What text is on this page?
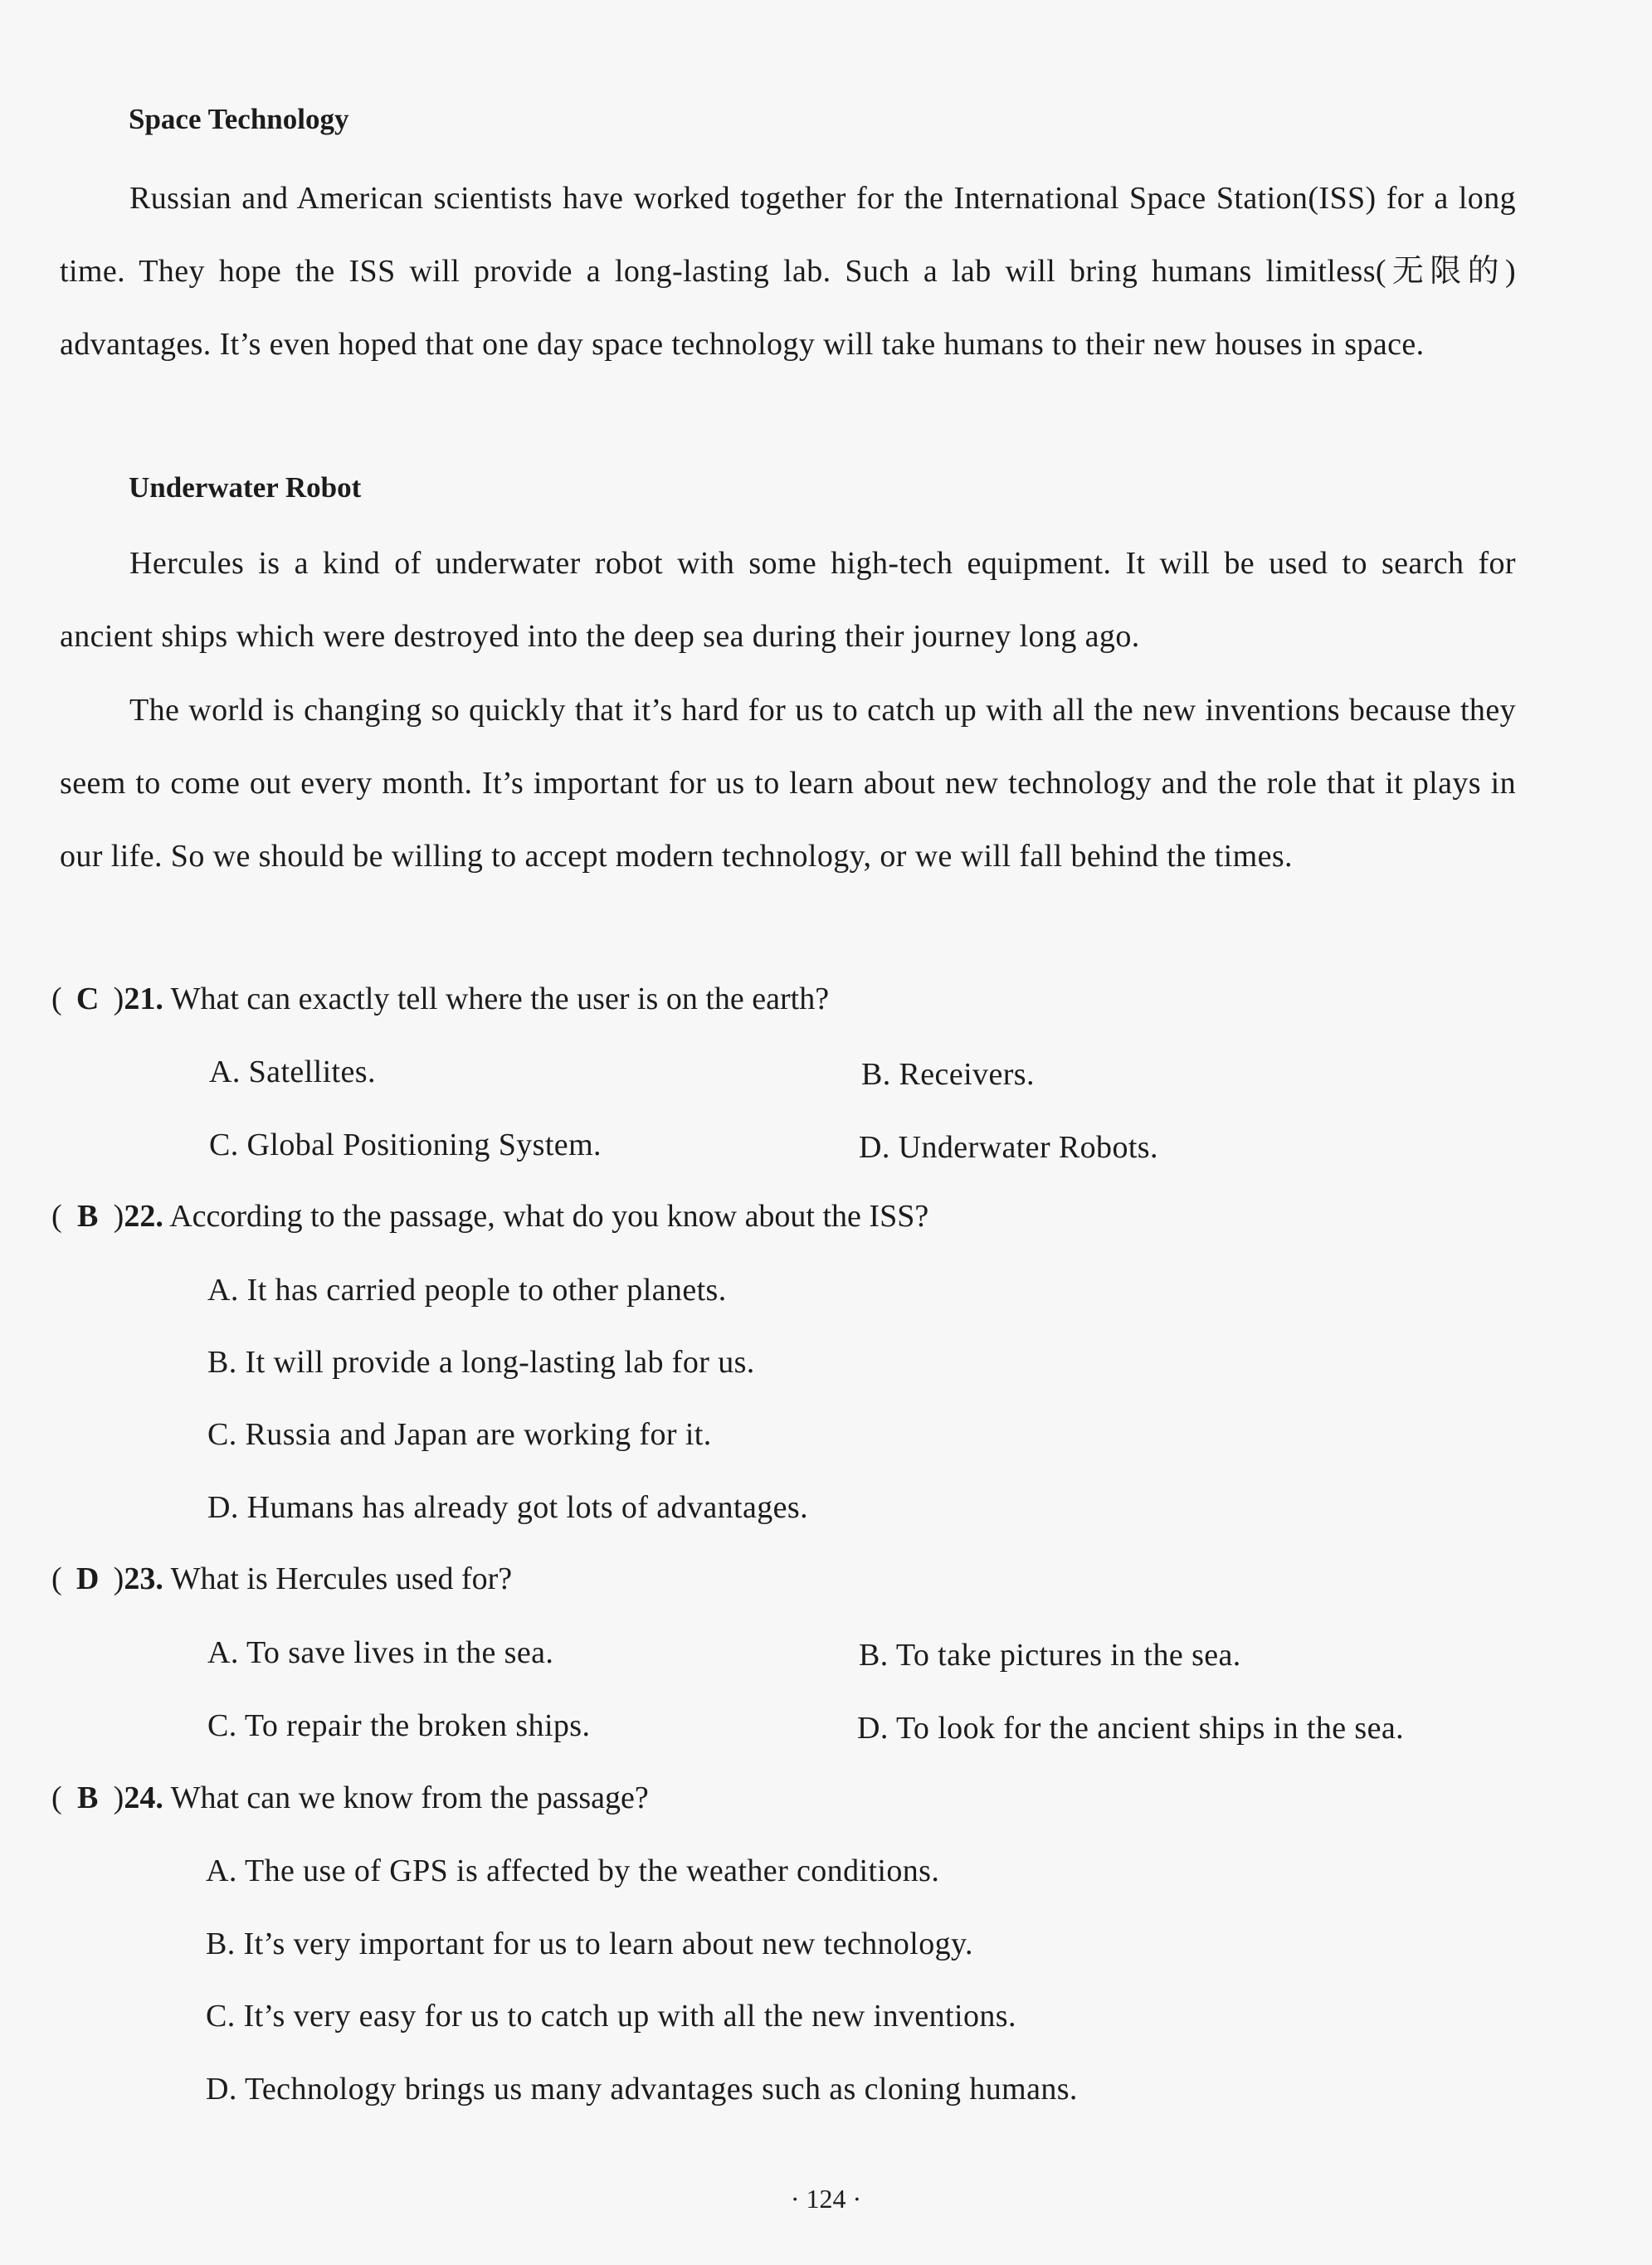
Space Technology
Russian and American scientists have worked together for the International Space Station(ISS) for a long time. They hope the ISS will provide a long-lasting lab. Such a lab will bring humans limitless(无限的) advantages. It’s even hoped that one day space technology will take humans to their new houses in space.
Underwater Robot
Hercules is a kind of underwater robot with some high-tech equipment. It will be used to search for ancient ships which were destroyed into the deep sea during their journey long ago.
The world is changing so quickly that it’s hard for us to catch up with all the new inventions because they seem to come out every month. It’s important for us to learn about new technology and the role that it plays in our life. So we should be willing to accept modern technology, or we will fall behind the times.
( C )21. What can exactly tell where the user is on the earth?
A. Satellites.	B. Receivers.
C. Global Positioning System.	D. Underwater Robots.
( B )22. According to the passage, what do you know about the ISS?
A. It has carried people to other planets.
B. It will provide a long-lasting lab for us.
C. Russia and Japan are working for it.
D. Humans has already got lots of advantages.
( D )23. What is Hercules used for?
A. To save lives in the sea.	B. To take pictures in the sea.
C. To repair the broken ships.	D. To look for the ancient ships in the sea.
( B )24. What can we know from the passage?
A. The use of GPS is affected by the weather conditions.
B. It’s very important for us to learn about new technology.
C. It’s very easy for us to catch up with all the new inventions.
D. Technology brings us many advantages such as cloning humans.
· 124 ·
